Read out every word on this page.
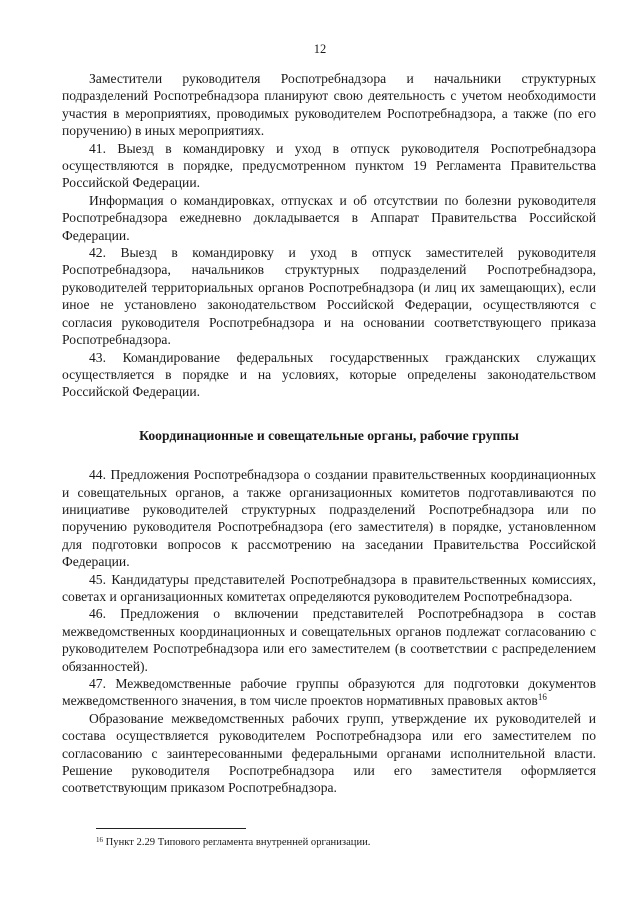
12

Заместители руководителя Роспотребнадзора и начальники структурных подразделений Роспотребнадзора планируют свою деятельность с учетом необходимости участия в мероприятиях, проводимых руководителем Роспотребнадзора, а также (по его поручению) в иных мероприятиях.

41. Выезд в командировку и уход в отпуск руководителя Роспотребнадзора осуществляются в порядке, предусмотренном пунктом 19 Регламента Правительства Российской Федерации.

Информация о командировках, отпусках и об отсутствии по болезни руководителя Роспотребнадзора ежедневно докладывается в Аппарат Правительства Российской Федерации.

42. Выезд в командировку и уход в отпуск заместителей руководителя Роспотребнадзора, начальников структурных подразделений Роспотребнадзора, руководителей территориальных органов Роспотребнадзора (и лиц их замещающих), если иное не установлено законодательством Российской Федерации, осуществляются с согласия руководителя Роспотребнадзора и на основании соответствующего приказа Роспотребнадзора.

43. Командирование федеральных государственных гражданских служащих осуществляется в порядке и на условиях, которые определены законодательством Российской Федерации.

Координационные и совещательные органы, рабочие группы

44. Предложения Роспотребнадзора о создании правительственных координационных и совещательных органов, а также организационных комитетов подготавливаются по инициативе руководителей структурных подразделений Роспотребнадзора или по поручению руководителя Роспотребнадзора (его заместителя) в порядке, установленном для подготовки вопросов к рассмотрению на заседании Правительства Российской Федерации.

45. Кандидатуры представителей Роспотребнадзора в правительственных комиссиях, советах и организационных комитетах определяются руководителем Роспотребнадзора.

46. Предложения о включении представителей Роспотребнадзора в состав межведомственных координационных и совещательных органов подлежат согласованию с руководителем Роспотребнадзора или его заместителем (в соответствии с распределением обязанностей).

47. Межведомственные рабочие группы образуются для подготовки документов межведомственного значения, в том числе проектов нормативных правовых актов$^{16}$

Образование межведомственных рабочих групп, утверждение их руководителей и состава осуществляется руководителем Роспотребнадзора или его заместителем по согласованию с заинтересованными федеральными органами исполнительной власти. Решение руководителя Роспотребнадзора или его заместителя оформляется соответствующим приказом Роспотребнадзора.

$^{16}$ Пункт 2.29 Типового регламента внутренней организации.
